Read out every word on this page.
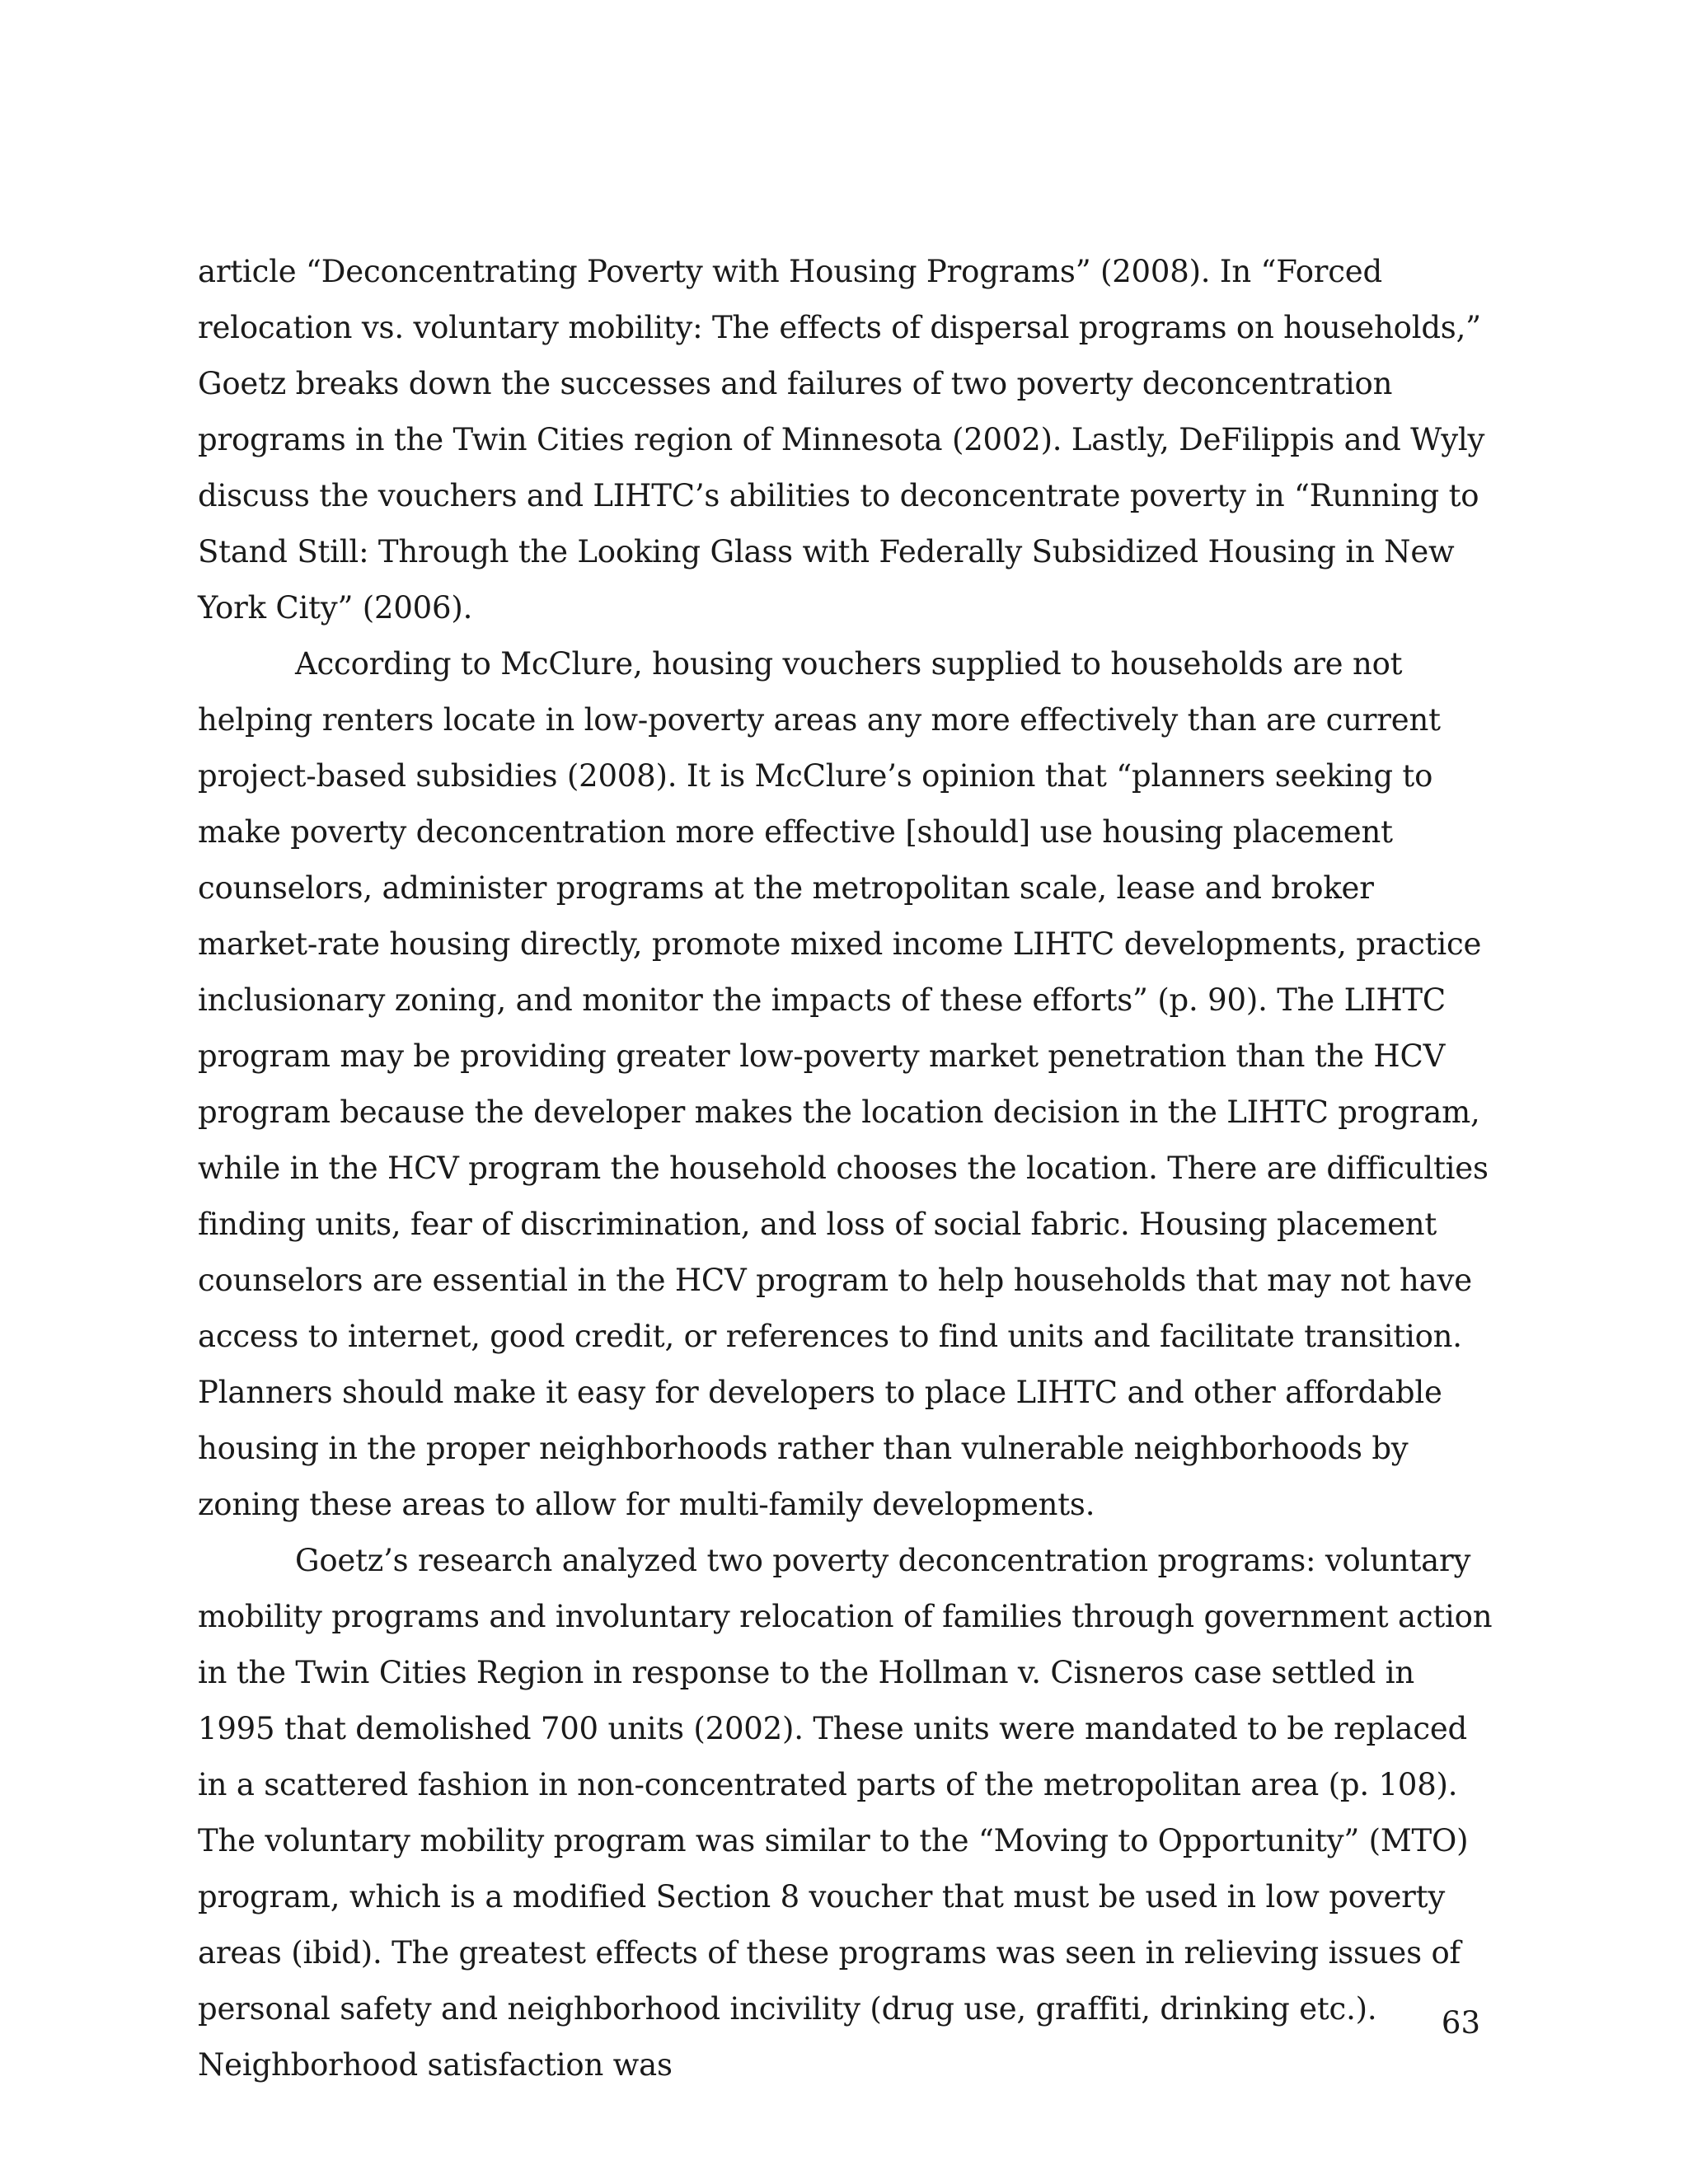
article “Deconcentrating Poverty with Housing Programs” (2008). In “Forced relocation vs. voluntary mobility: The effects of dispersal programs on households,” Goetz breaks down the successes and failures of two poverty deconcentration programs in the Twin Cities region of Minnesota (2002). Lastly, DeFilippis and Wyly discuss the vouchers and LIHTC’s abilities to deconcentrate poverty in “Running to Stand Still: Through the Looking Glass with Federally Subsidized Housing in New York City” (2006).

According to McClure, housing vouchers supplied to households are not helping renters locate in low-poverty areas any more effectively than are current project-based subsidies (2008). It is McClure’s opinion that “planners seeking to make poverty deconcentration more effective [should] use housing placement counselors, administer programs at the metropolitan scale, lease and broker market-rate housing directly, promote mixed income LIHTC developments, practice inclusionary zoning, and monitor the impacts of these efforts” (p. 90). The LIHTC program may be providing greater low-poverty market penetration than the HCV program because the developer makes the location decision in the LIHTC program, while in the HCV program the household chooses the location. There are difficulties finding units, fear of discrimination, and loss of social fabric. Housing placement counselors are essential in the HCV program to help households that may not have access to internet, good credit, or references to find units and facilitate transition. Planners should make it easy for developers to place LIHTC and other affordable housing in the proper neighborhoods rather than vulnerable neighborhoods by zoning these areas to allow for multi-family developments.

Goetz’s research analyzed two poverty deconcentration programs: voluntary mobility programs and involuntary relocation of families through government action in the Twin Cities Region in response to the Hollman v. Cisneros case settled in 1995 that demolished 700 units (2002). These units were mandated to be replaced in a scattered fashion in non-concentrated parts of the metropolitan area (p. 108). The voluntary mobility program was similar to the “Moving to Opportunity” (MTO) program, which is a modified Section 8 voucher that must be used in low poverty areas (ibid). The greatest effects of these programs was seen in relieving issues of personal safety and neighborhood incivility (drug use, graffiti, drinking etc.). Neighborhood satisfaction was

63
